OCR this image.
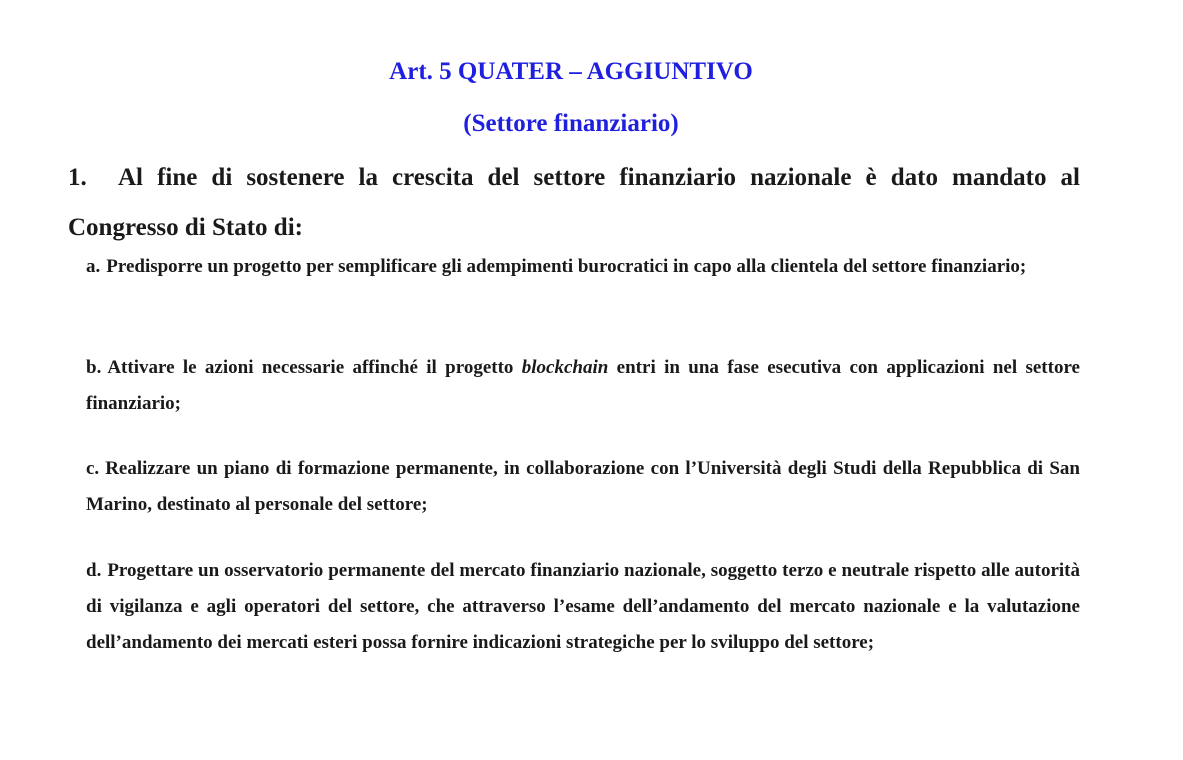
Art. 5 QUATER – AGGIUNTIVO
(Settore finanziario)
1. Al fine di sostenere la crescita del settore finanziario nazionale è dato mandato al Congresso di Stato di:
a. Predisporre un progetto per semplificare gli adempimenti burocratici in capo alla clientela del settore finanziario;
b. Attivare le azioni necessarie affinché il progetto blockchain entri in una fase esecutiva con applicazioni nel settore finanziario;
c. Realizzare un piano di formazione permanente, in collaborazione con l’Università degli Studi della Repubblica di San Marino, destinato al personale del settore;
d. Progettare un osservatorio permanente del mercato finanziario nazionale, soggetto terzo e neutrale rispetto alle autorità di vigilanza e agli operatori del settore, che attraverso l’esame dell’andamento del mercato nazionale e la valutazione dell’andamento dei mercati esteri possa fornire indicazioni strategiche per lo sviluppo del settore;
